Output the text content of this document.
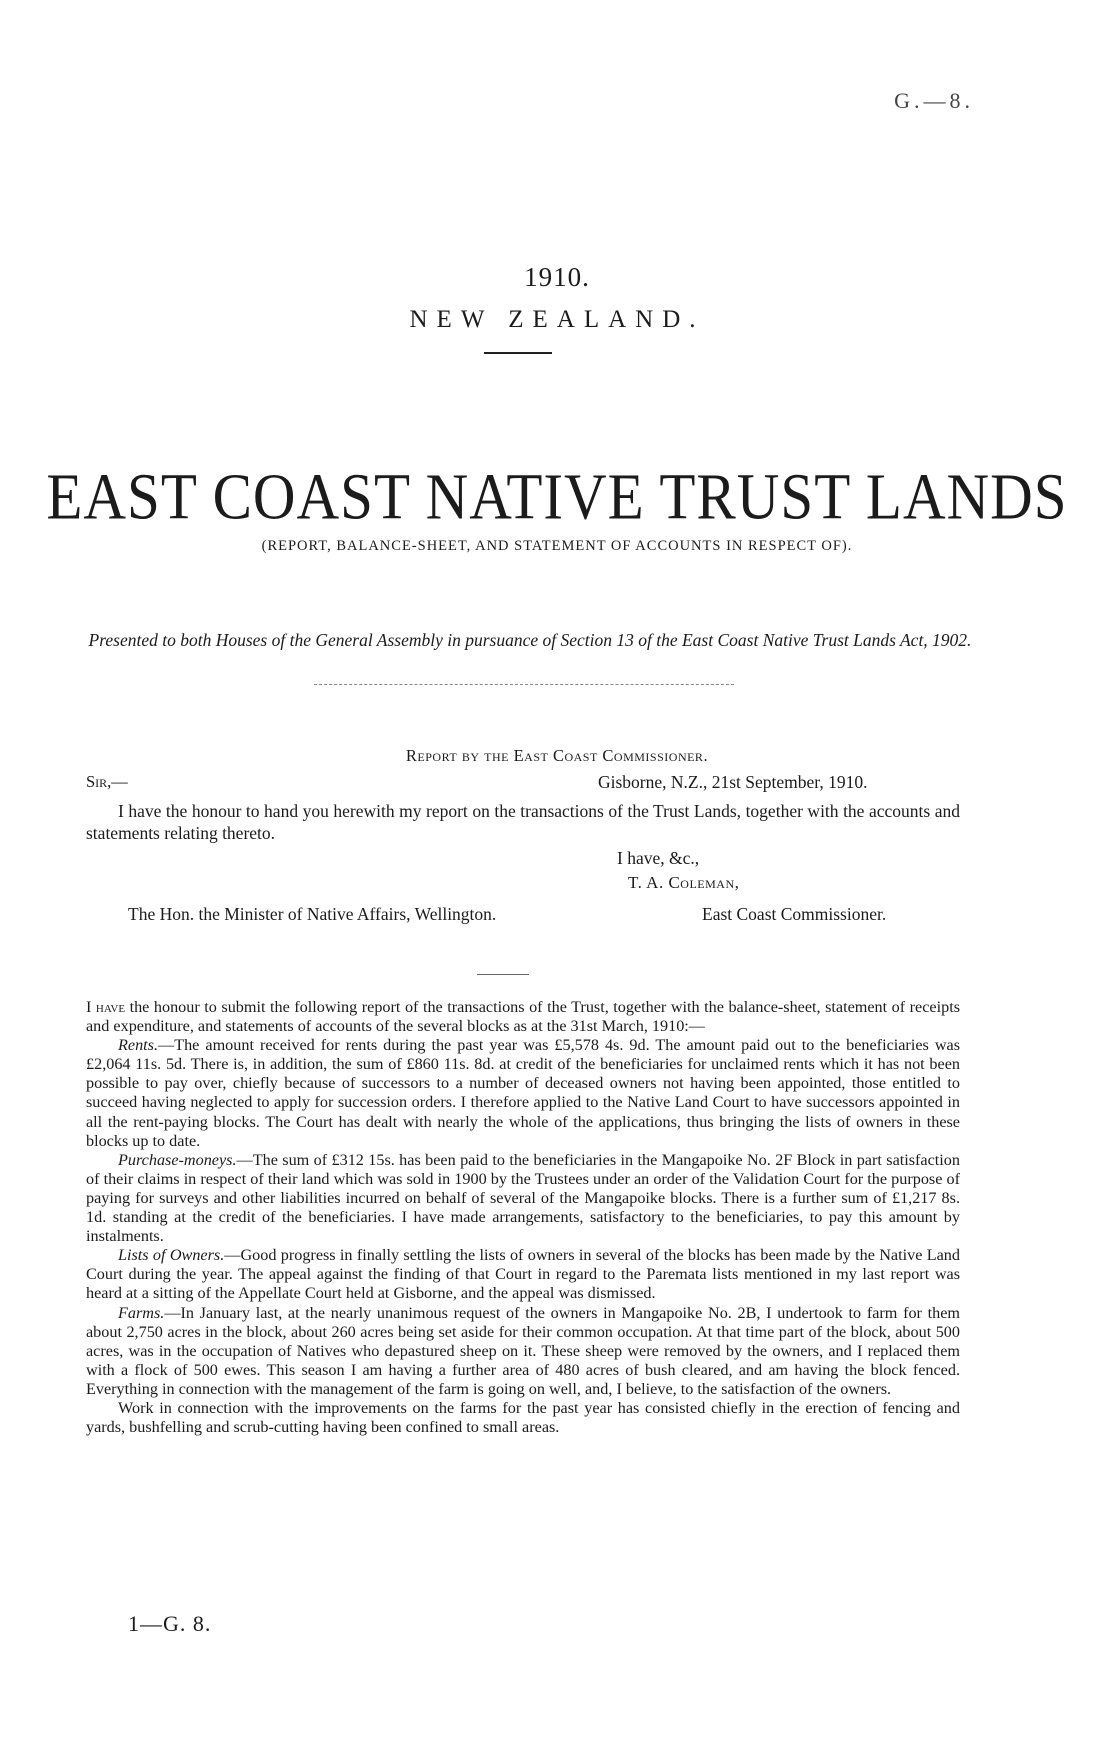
G.—8.
1910.
NEW ZEALAND.
EAST COAST NATIVE TRUST LANDS
(REPORT, BALANCE-SHEET, AND STATEMENT OF ACCOUNTS IN RESPECT OF).
Presented to both Houses of the General Assembly in pursuance of Section 13 of the East Coast Native Trust Lands Act, 1902.
Report by the East Coast Commissioner.
Sir,—	Gisborne, N.Z., 21st September, 1910.
I have the honour to hand you herewith my report on the transactions of the Trust Lands, together with the accounts and statements relating thereto.
I have, &c.,
T. A. Coleman,
The Hon. the Minister of Native Affairs, Wellington.	East Coast Commissioner.

I have the honour to submit the following report of the transactions of the Trust, together with the balance-sheet, statement of receipts and expenditure, and statements of accounts of the several blocks as at the 31st March, 1910:—

Rents.—The amount received for rents during the past year was £5,578 4s. 9d. The amount paid out to the beneficiaries was £2,064 11s. 5d. There is, in addition, the sum of £860 11s. 8d. at credit of the beneficiaries for unclaimed rents which it has not been possible to pay over, chiefly because of successors to a number of deceased owners not having been appointed, those entitled to succeed having neglected to apply for succession orders. I therefore applied to the Native Land Court to have successors appointed in all the rent-paying blocks. The Court has dealt with nearly the whole of the applications, thus bringing the lists of owners in these blocks up to date.

Purchase-moneys.—The sum of £312 15s. has been paid to the beneficiaries in the Mangapoike No. 2F Block in part satisfaction of their claims in respect of their land which was sold in 1900 by the Trustees under an order of the Validation Court for the purpose of paying for surveys and other liabilities incurred on behalf of several of the Mangapoike blocks. There is a further sum of £1,217 8s. 1d. standing at the credit of the beneficiaries. I have made arrangements, satisfactory to the beneficiaries, to pay this amount by instalments.

Lists of Owners.—Good progress in finally settling the lists of owners in several of the blocks has been made by the Native Land Court during the year. The appeal against the finding of that Court in regard to the Paremata lists mentioned in my last report was heard at a sitting of the Appellate Court held at Gisborne, and the appeal was dismissed.

Farms.—In January last, at the nearly unanimous request of the owners in Mangapoike No. 2B, I undertook to farm for them about 2,750 acres in the block, about 260 acres being set aside for their common occupation. At that time part of the block, about 500 acres, was in the occupation of Natives who depastured sheep on it. These sheep were removed by the owners, and I replaced them with a flock of 500 ewes. This season I am having a further area of 480 acres of bush cleared, and am having the block fenced. Everything in connection with the management of the farm is going on well, and, I believe, to the satisfaction of the owners.

Work in connection with the improvements on the farms for the past year has consisted chiefly in the erection of fencing and yards, bushfelling and scrub-cutting having been confined to small areas.

1—G. 8.
